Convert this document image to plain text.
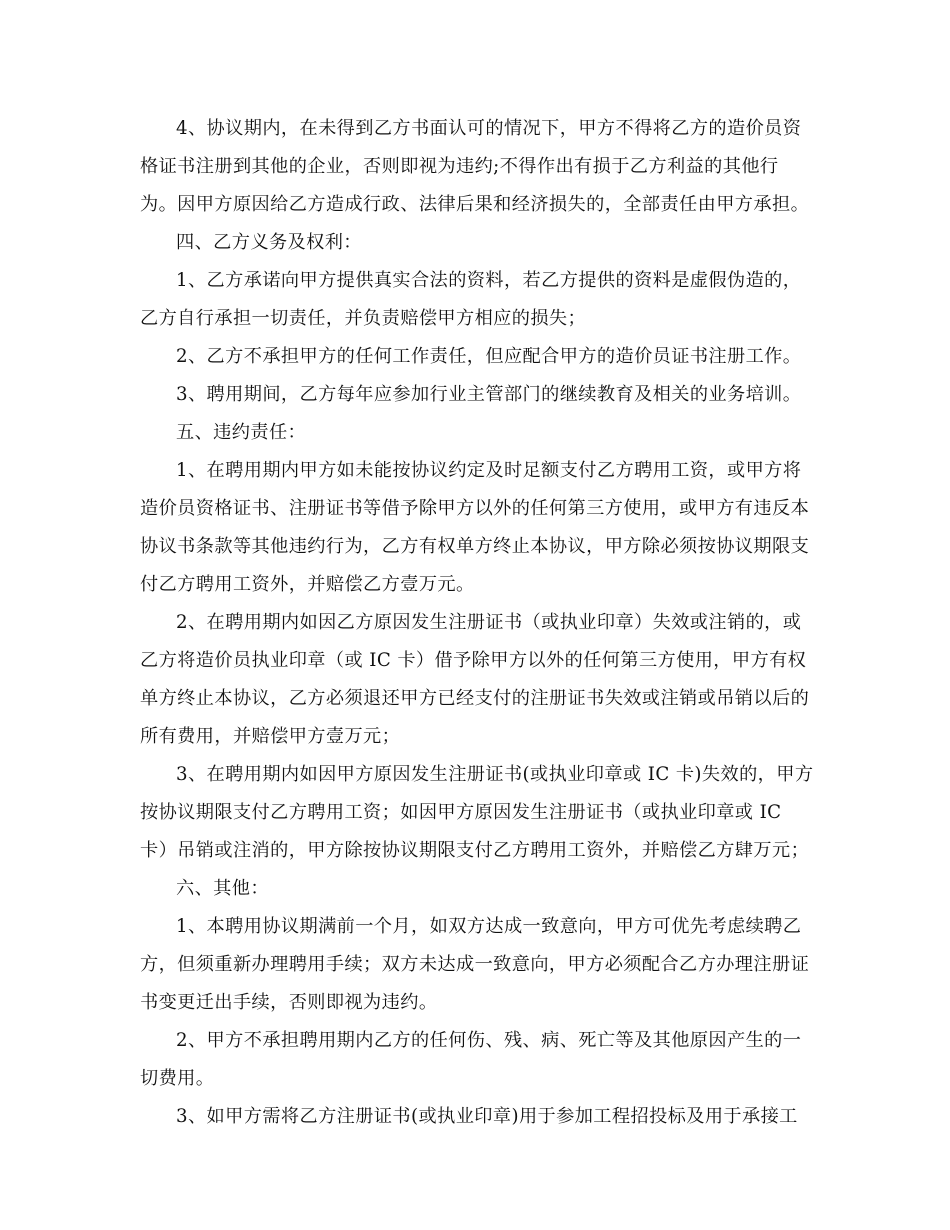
4、协议期内，在未得到乙方书面认可的情况下，甲方不得将乙方的造价员资
格证书注册到其他的企业，否则即视为违约;不得作出有损于乙方利益的其他行
为。因甲方原因给乙方造成行政、法律后果和经济损失的，全部责任由甲方承担。
四、乙方义务及权利：
1、乙方承诺向甲方提供真实合法的资料，若乙方提供的资料是虚假伪造的，
乙方自行承担一切责任，并负责赔偿甲方相应的损失；
2、乙方不承担甲方的任何工作责任，但应配合甲方的造价员证书注册工作。
3、聘用期间，乙方每年应参加行业主管部门的继续教育及相关的业务培训。
五、违约责任：
1、在聘用期内甲方如未能按协议约定及时足额支付乙方聘用工资，或甲方将
造价员资格证书、注册证书等借予除甲方以外的任何第三方使用，或甲方有违反本
协议书条款等其他违约行为，乙方有权单方终止本协议，甲方除必须按协议期限支
付乙方聘用工资外，并赔偿乙方壹万元。
2、在聘用期内如因乙方原因发生注册证书（或执业印章）失效或注销的，或
乙方将造价员执业印章（或 IC 卡）借予除甲方以外的任何第三方使用，甲方有权
单方终止本协议，乙方必须退还甲方已经支付的注册证书失效或注销或吊销以后的
所有费用，并赔偿甲方壹万元；
3、在聘用期内如因甲方原因发生注册证书(或执业印章或 IC 卡)失效的，甲方
按协议期限支付乙方聘用工资；如因甲方原因发生注册证书（或执业印章或 IC
卡）吊销或注消的，甲方除按协议期限支付乙方聘用工资外，并赔偿乙方肆万元；
六、其他：
1、本聘用协议期满前一个月，如双方达成一致意向，甲方可优先考虑续聘乙
方，但须重新办理聘用手续；双方未达成一致意向，甲方必须配合乙方办理注册证
书变更迁出手续，否则即视为违约。
2、甲方不承担聘用期内乙方的任何伤、残、病、死亡等及其他原因产生的一
切费用。
3、如甲方需将乙方注册证书(或执业印章)用于参加工程招投标及用于承接工
